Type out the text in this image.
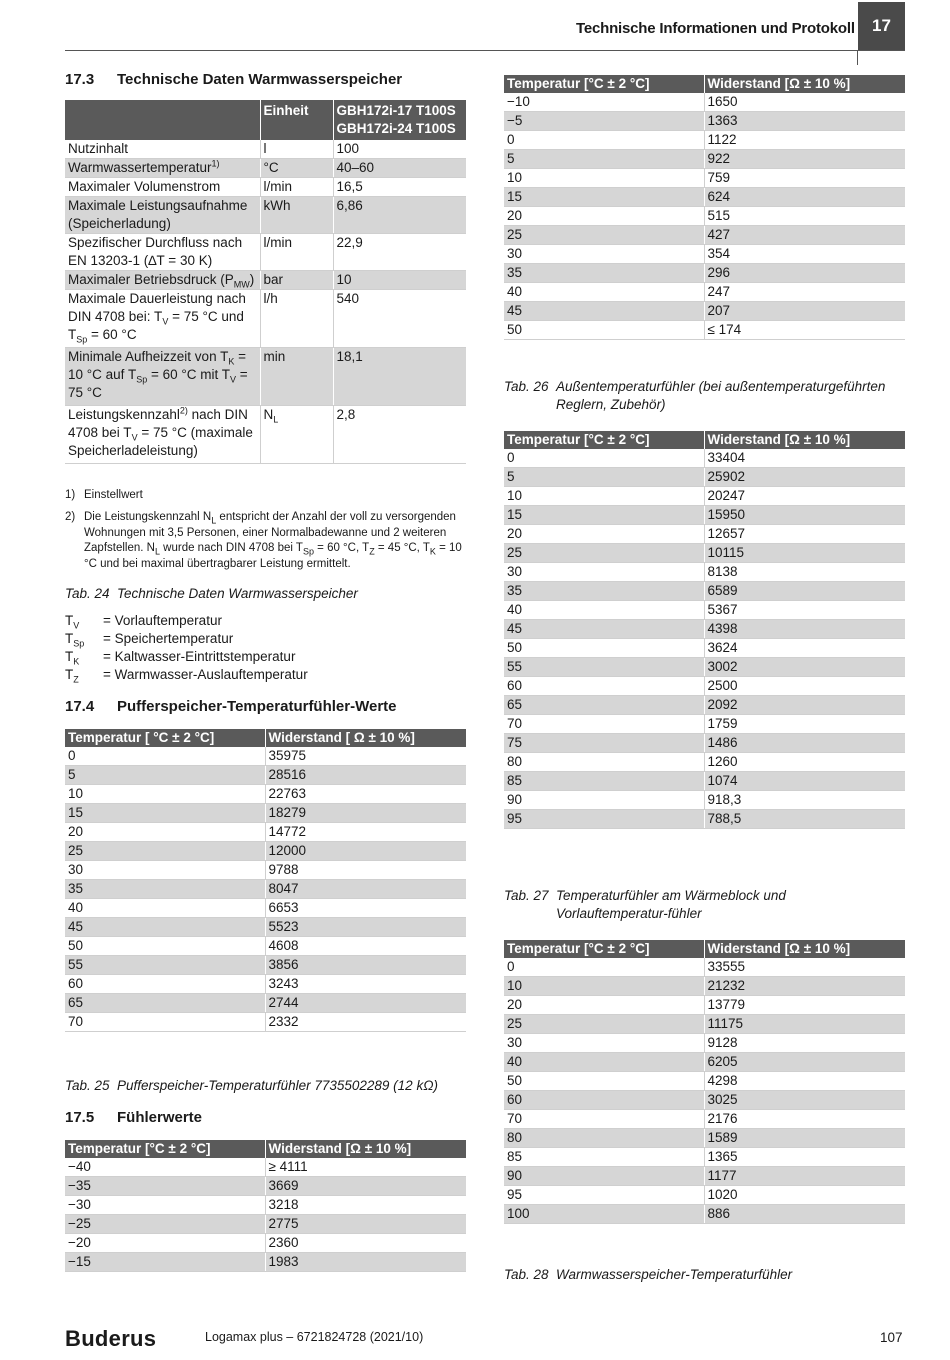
Technische Informationen und Protokoll	17
17.3 Technische Daten Warmwasserspeicher
	Einheit	GBH172i-17 T100S
GBH172i-24 T100S
Nutzinhalt	l	100
Warmwassertemperatur$^{1)}$	°C	40–60
Maximaler Volumenstrom	l/min	16,5
Maximale Leistungsaufnahme (Speicherladung)	kWh	6,86
Spezifischer Durchfluss nach EN 13203-1 (∆T = 30 K)	l/min	22,9
Maximaler Betriebsdruck $(P_{MW})$	bar	10
Maximale Dauerleistung nach DIN 4708 bei: $T_V = 75$ °C und $T_{Sp} = 60$ °C	l/h	540
Minimale Aufheizzeit von $T_K = 10$ °C auf $T_{Sp} = 60$ °C mit $T_V = 75$ °C	min	18,1
Leistungskennzahl$^{2)}$ nach DIN 4708 bei $T_V = 75$ °C (maximale Speicherladeleistung)	$N_L$	2,8
1) Einstellwert
2) Die Leistungskennzahl $N_L$ entspricht der Anzahl der voll zu versorgenden Wohnungen mit 3,5 Personen, einer Normalbadewanne und 2 weiteren Zapfstellen. $N_L$ wurde nach DIN 4708 bei $T_{Sp} = 60$ °C, $T_Z = 45$ °C, $T_K = 10$ °C und bei maximal übertragbarer Leistung ermittelt.
Tab. 24 Technische Daten Warmwasserspeicher
$T_V$ = Vorlauftemperatur
$T_{Sp}$ = Speichertemperatur
$T_K$ = Kaltwasser-Eintrittstemperatur
$T_Z$ = Warmwasser-Auslauftemperatur
17.4 Pufferspeicher-Temperaturfühler-Werte
Temperatur [ °C ± 2 °C]	Widerstand [ Ω ± 10 %]
0	35975
5	28516
10	22763
15	18279
20	14772
25	12000
30	9788
35	8047
40	6653
45	5523
50	4608
55	3856
60	3243
65	2744
70	2332
Tab. 25 Pufferspeicher-Temperaturfühler 7735502289 (12 kΩ)
17.5 Fühlerwerte
Temperatur [°C ± 2 °C]	Widerstand [Ω ± 10 %]
−40	≥ 4111
−35	3669
−30	3218
−25	2775
−20	2360
−15	1983
Temperatur [°C ± 2 °C]	Widerstand [Ω ± 10 %]
−10	1650
−5	1363
0	1122
5	922
10	759
15	624
20	515
25	427
30	354
35	296
40	247
45	207
50	≤ 174
Tab. 26 Außentemperaturfühler (bei außentemperaturgeführten Reglern, Zubehör)
Temperatur [°C ± 2 °C]	Widerstand [Ω ± 10 %]
0	33404
5	25902
10	20247
15	15950
20	12657
25	10115
30	8138
35	6589
40	5367
45	4398
50	3624
55	3002
60	2500
65	2092
70	1759
75	1486
80	1260
85	1074
90	918,3
95	788,5
Tab. 27 Temperaturfühler am Wärmeblock und Vorlauftemperatur-fühler
Temperatur [°C ± 2 °C]	Widerstand [Ω ± 10 %]
0	33555
10	21232
20	13779
25	11175
30	9128
40	6205
50	4298
60	3025
70	2176
80	1589
85	1365
90	1177
95	1020
100	886
Tab. 28 Warmwasserspeicher-Temperaturfühler
Buderus	Logamax plus – 6721824728 (2021/10)	107
